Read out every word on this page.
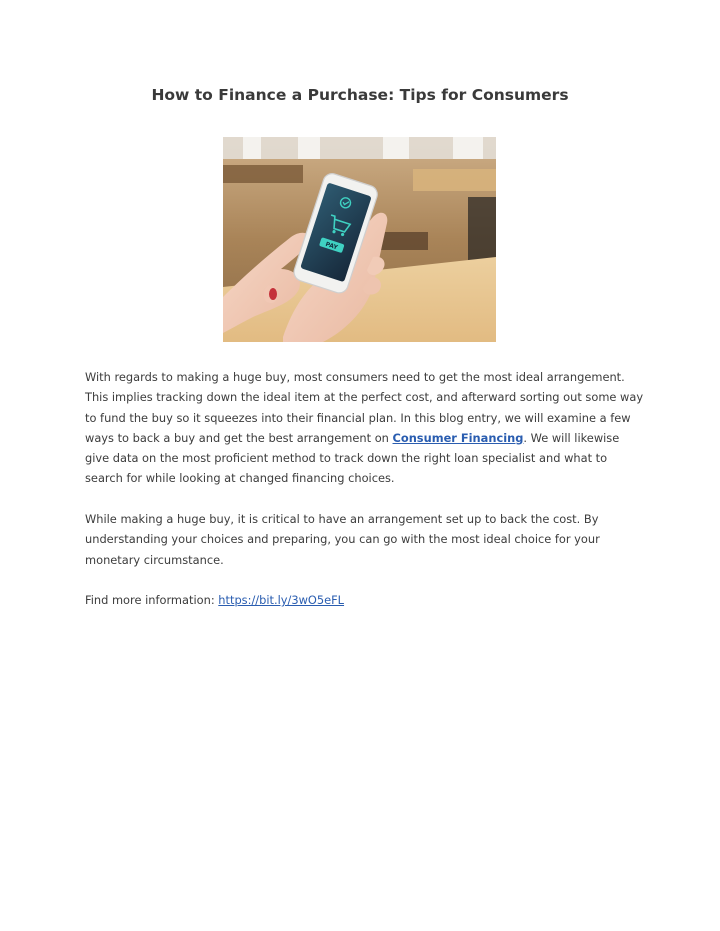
How to Finance a Purchase: Tips for Consumers
PAY

With regards to making a huge buy, most consumers need to get the most ideal arrangement. This implies tracking down the ideal item at the perfect cost, and afterward sorting out some way to fund the buy so it squeezes into their financial plan. In this blog entry, we will examine a few ways to back a buy and get the best arrangement on Consumer Financing. We will likewise give data on the most proficient method to track down the right loan specialist and what to search for while looking at changed financing choices.

While making a huge buy, it is critical to have an arrangement set up to back the cost. By understanding your choices and preparing, you can go with the most ideal choice for your monetary circumstance.

Find more information: https://bit.ly/3wO5eFL
